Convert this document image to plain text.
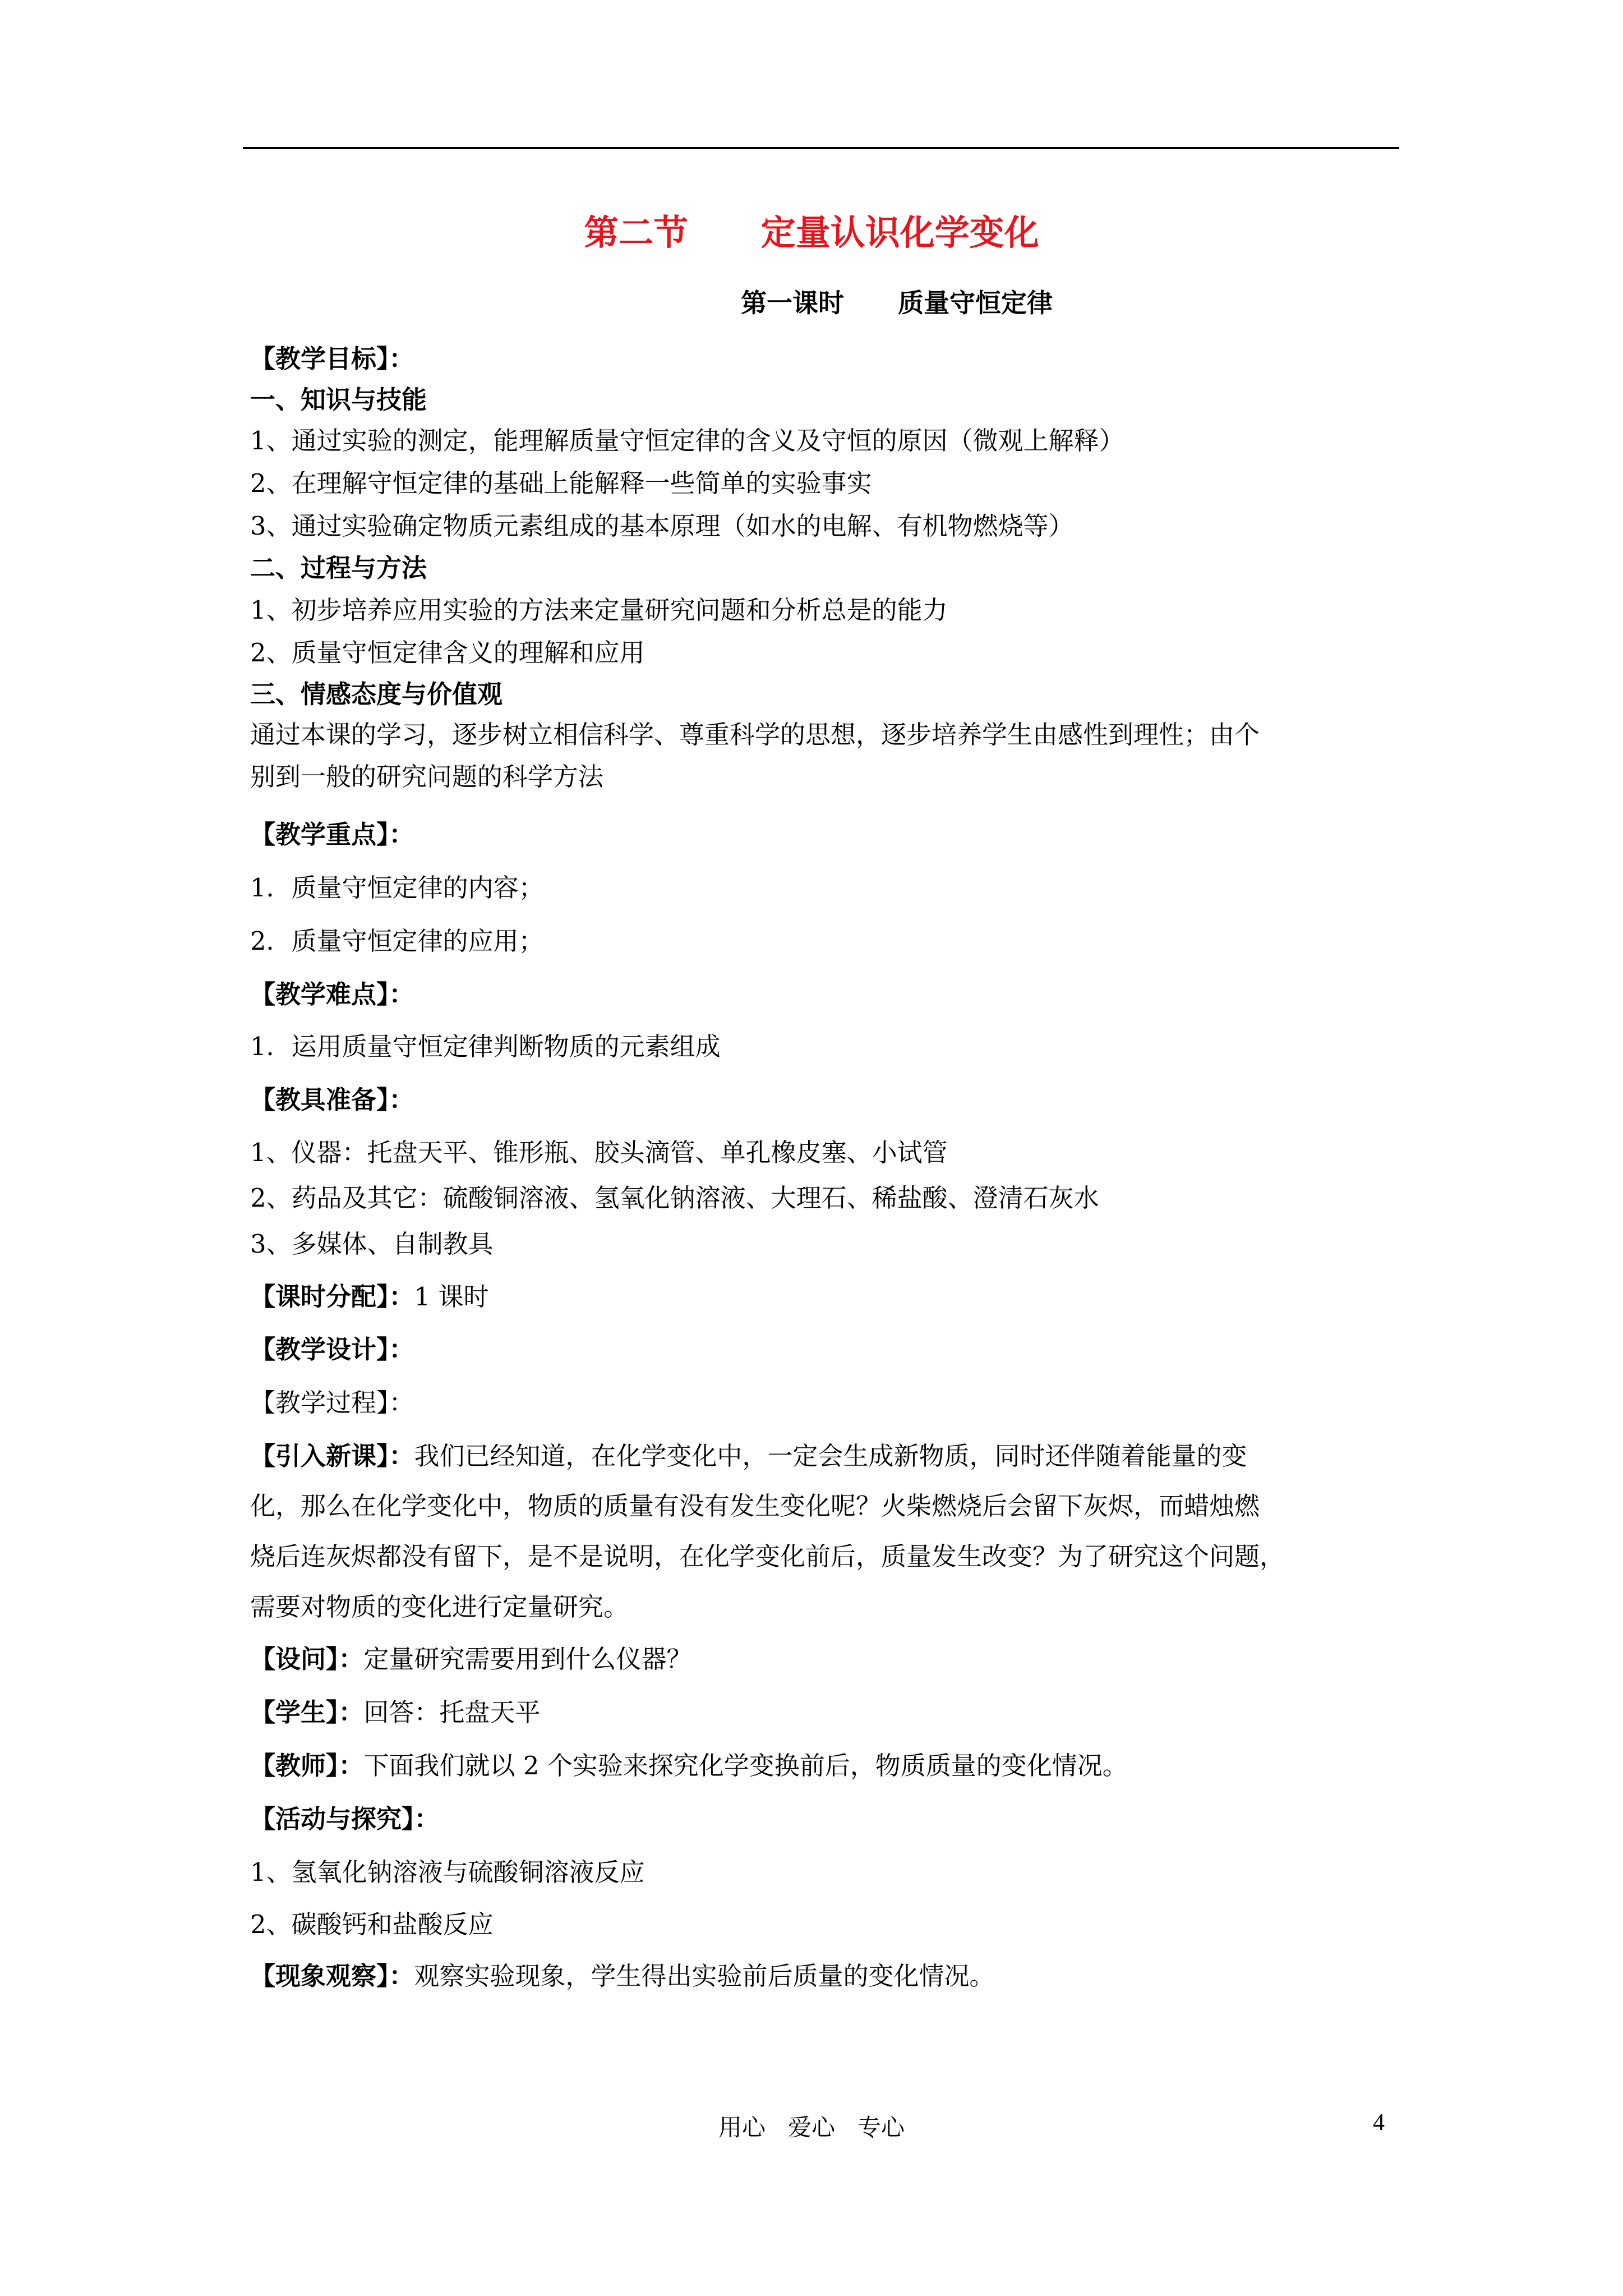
第二节      定量认识化学变化
第一课时      质量守恒定律
【教学目标】：
一、知识与技能
1、通过实验的测定，能理解质量守恒定律的含义及守恒的原因（微观上解释）
2、在理解守恒定律的基础上能解释一些简单的实验事实
3、通过实验确定物质元素组成的基本原理（如水的电解、有机物燃烧等）
二、过程与方法
1、初步培养应用实验的方法来定量研究问题和分析总是的能力
2、质量守恒定律含义的理解和应用
三、情感态度与价值观
通过本课的学习，逐步树立相信科学、尊重科学的思想，逐步培养学生由感性到理性；由个
别到一般的研究问题的科学方法
【教学重点】：
1．质量守恒定律的内容；
2．质量守恒定律的应用；
【教学难点】：
1．运用质量守恒定律判断物质的元素组成
【教具准备】：
1、仪器：托盘天平、锥形瓶、胶头滴管、单孔橡皮塞、小试管
2、药品及其它：硫酸铜溶液、氢氧化钠溶液、大理石、稀盐酸、澄清石灰水
3、多媒体、自制教具
【课时分配】：1 课时
【教学设计】：
【教学过程】：
【引入新课】：我们已经知道，在化学变化中，一定会生成新物质，同时还伴随着能量的变
化，那么在化学变化中，物质的质量有没有发生变化呢？火柴燃烧后会留下灰烬，而蜡烛燃
烧后连灰烬都没有留下，是不是说明，在化学变化前后，质量发生改变？为了研究这个问题，
需要对物质的变化进行定量研究。
【设问】：定量研究需要用到什么仪器？
【学生】：回答：托盘天平
【教师】：下面我们就以 2 个实验来探究化学变换前后，物质质量的变化情况。
【活动与探究】：
1、氢氧化钠溶液与硫酸铜溶液反应
2、碳酸钙和盐酸反应
【现象观察】：观察实验现象，学生得出实验前后质量的变化情况。
用心   爱心   专心	4
